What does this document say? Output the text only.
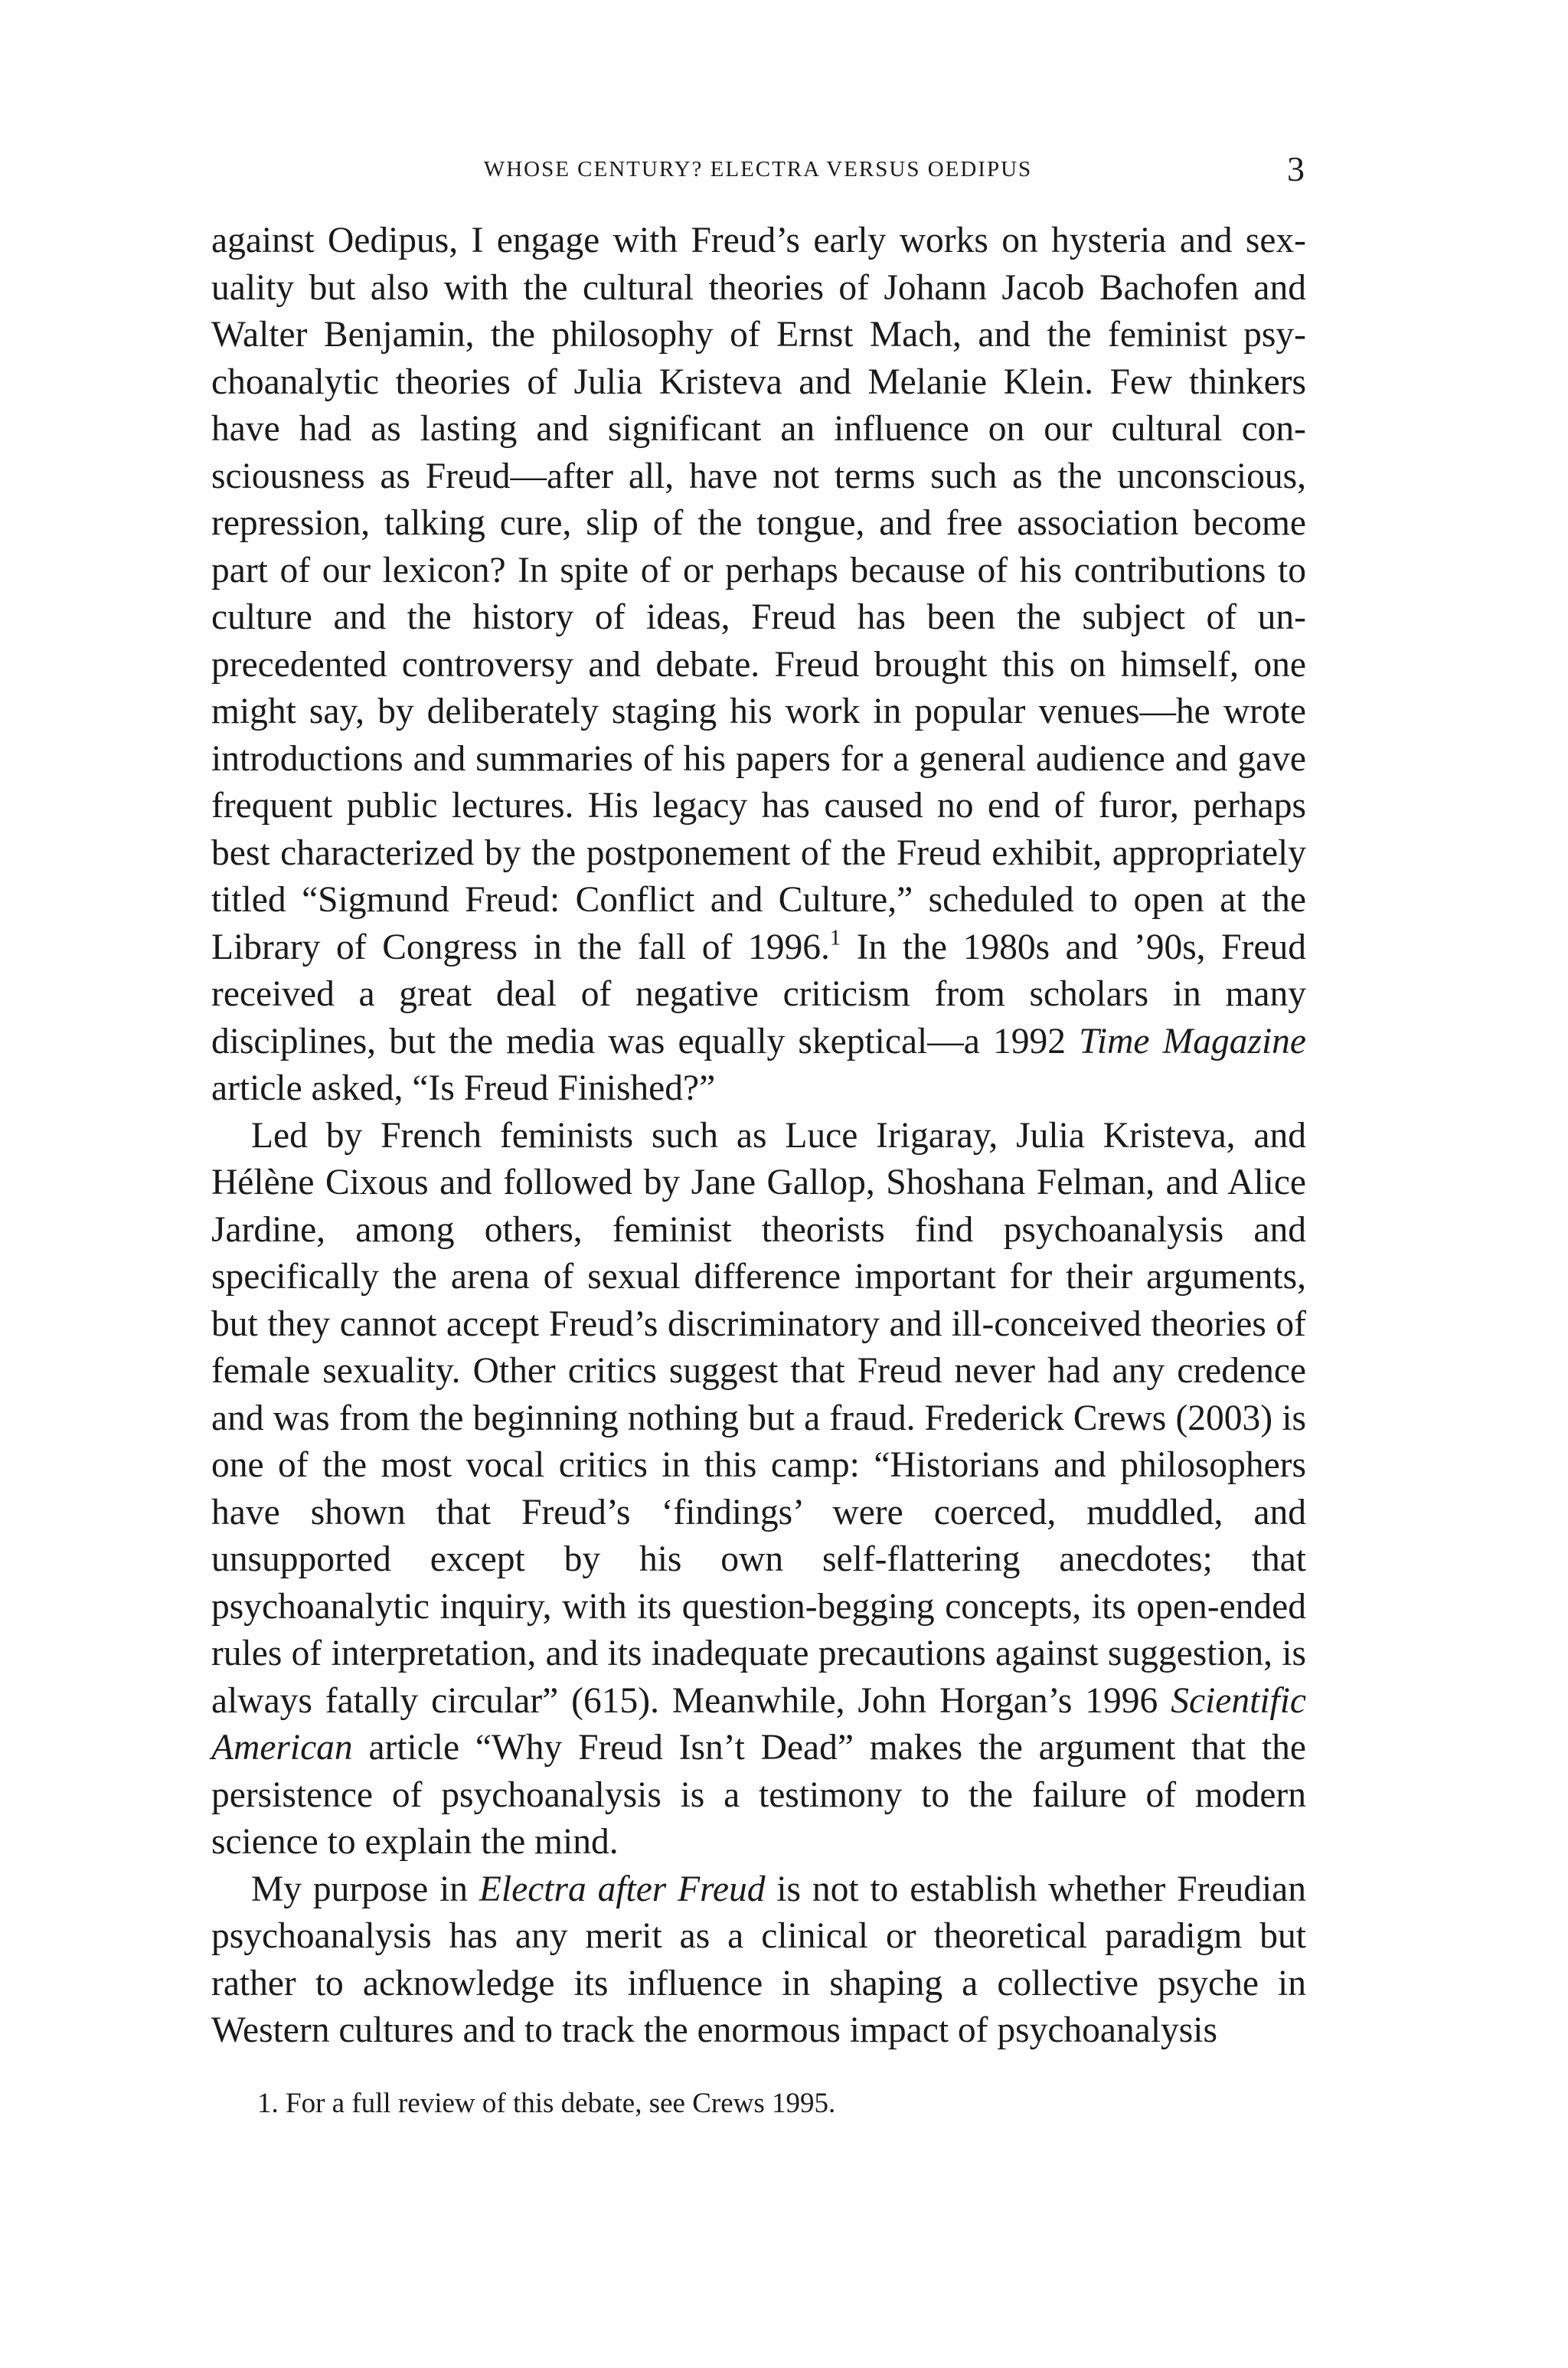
WHOSE CENTURY? ELECTRA VERSUS OEDIPUS	3

against Oedipus, I engage with Freud’s early works on hysteria and sexuality but also with the cultural theories of Johann Jacob Bachofen and Walter Benjamin, the philosophy of Ernst Mach, and the feminist psychoanalytic theories of Julia Kristeva and Melanie Klein. Few thinkers have had as lasting and significant an influence on our cultural consciousness as Freud—after all, have not terms such as the unconscious, repression, talking cure, slip of the tongue, and free association become part of our lexicon? In spite of or perhaps because of his contributions to culture and the history of ideas, Freud has been the subject of unprecedented controversy and debate. Freud brought this on himself, one might say, by deliberately staging his work in popular venues—he wrote introductions and summaries of his papers for a general audience and gave frequent public lectures. His legacy has caused no end of furor, perhaps best characterized by the postponement of the Freud exhibit, appropriately titled “Sigmund Freud: Conflict and Culture,” scheduled to open at the Library of Congress in the fall of 1996.$^1$ In the 1980s and ’90s, Freud received a great deal of negative criticism from scholars in many disciplines, but the media was equally skeptical—a 1992 Time Magazine article asked, “Is Freud Finished?”

Led by French feminists such as Luce Irigaray, Julia Kristeva, and Hélène Cixous and followed by Jane Gallop, Shoshana Felman, and Alice Jardine, among others, feminist theorists find psychoanalysis and specifically the arena of sexual difference important for their arguments, but they cannot accept Freud’s discriminatory and ill-conceived theories of female sexuality. Other critics suggest that Freud never had any credence and was from the beginning nothing but a fraud. Frederick Crews (2003) is one of the most vocal critics in this camp: “Historians and philosophers have shown that Freud’s ‘findings’ were coerced, muddled, and unsupported except by his own self-flattering anecdotes; that psychoanalytic inquiry, with its question-begging concepts, its open-ended rules of interpretation, and its inadequate precautions against suggestion, is always fatally circular” (615). Meanwhile, John Horgan’s 1996 Scientific American article “Why Freud Isn’t Dead” makes the argument that the persistence of psychoanalysis is a testimony to the failure of modern science to explain the mind.

My purpose in Electra after Freud is not to establish whether Freudian psychoanalysis has any merit as a clinical or theoretical paradigm but rather to acknowledge its influence in shaping a collective psyche in Western cultures and to track the enormous impact of psychoanalysis

1. For a full review of this debate, see Crews 1995.
